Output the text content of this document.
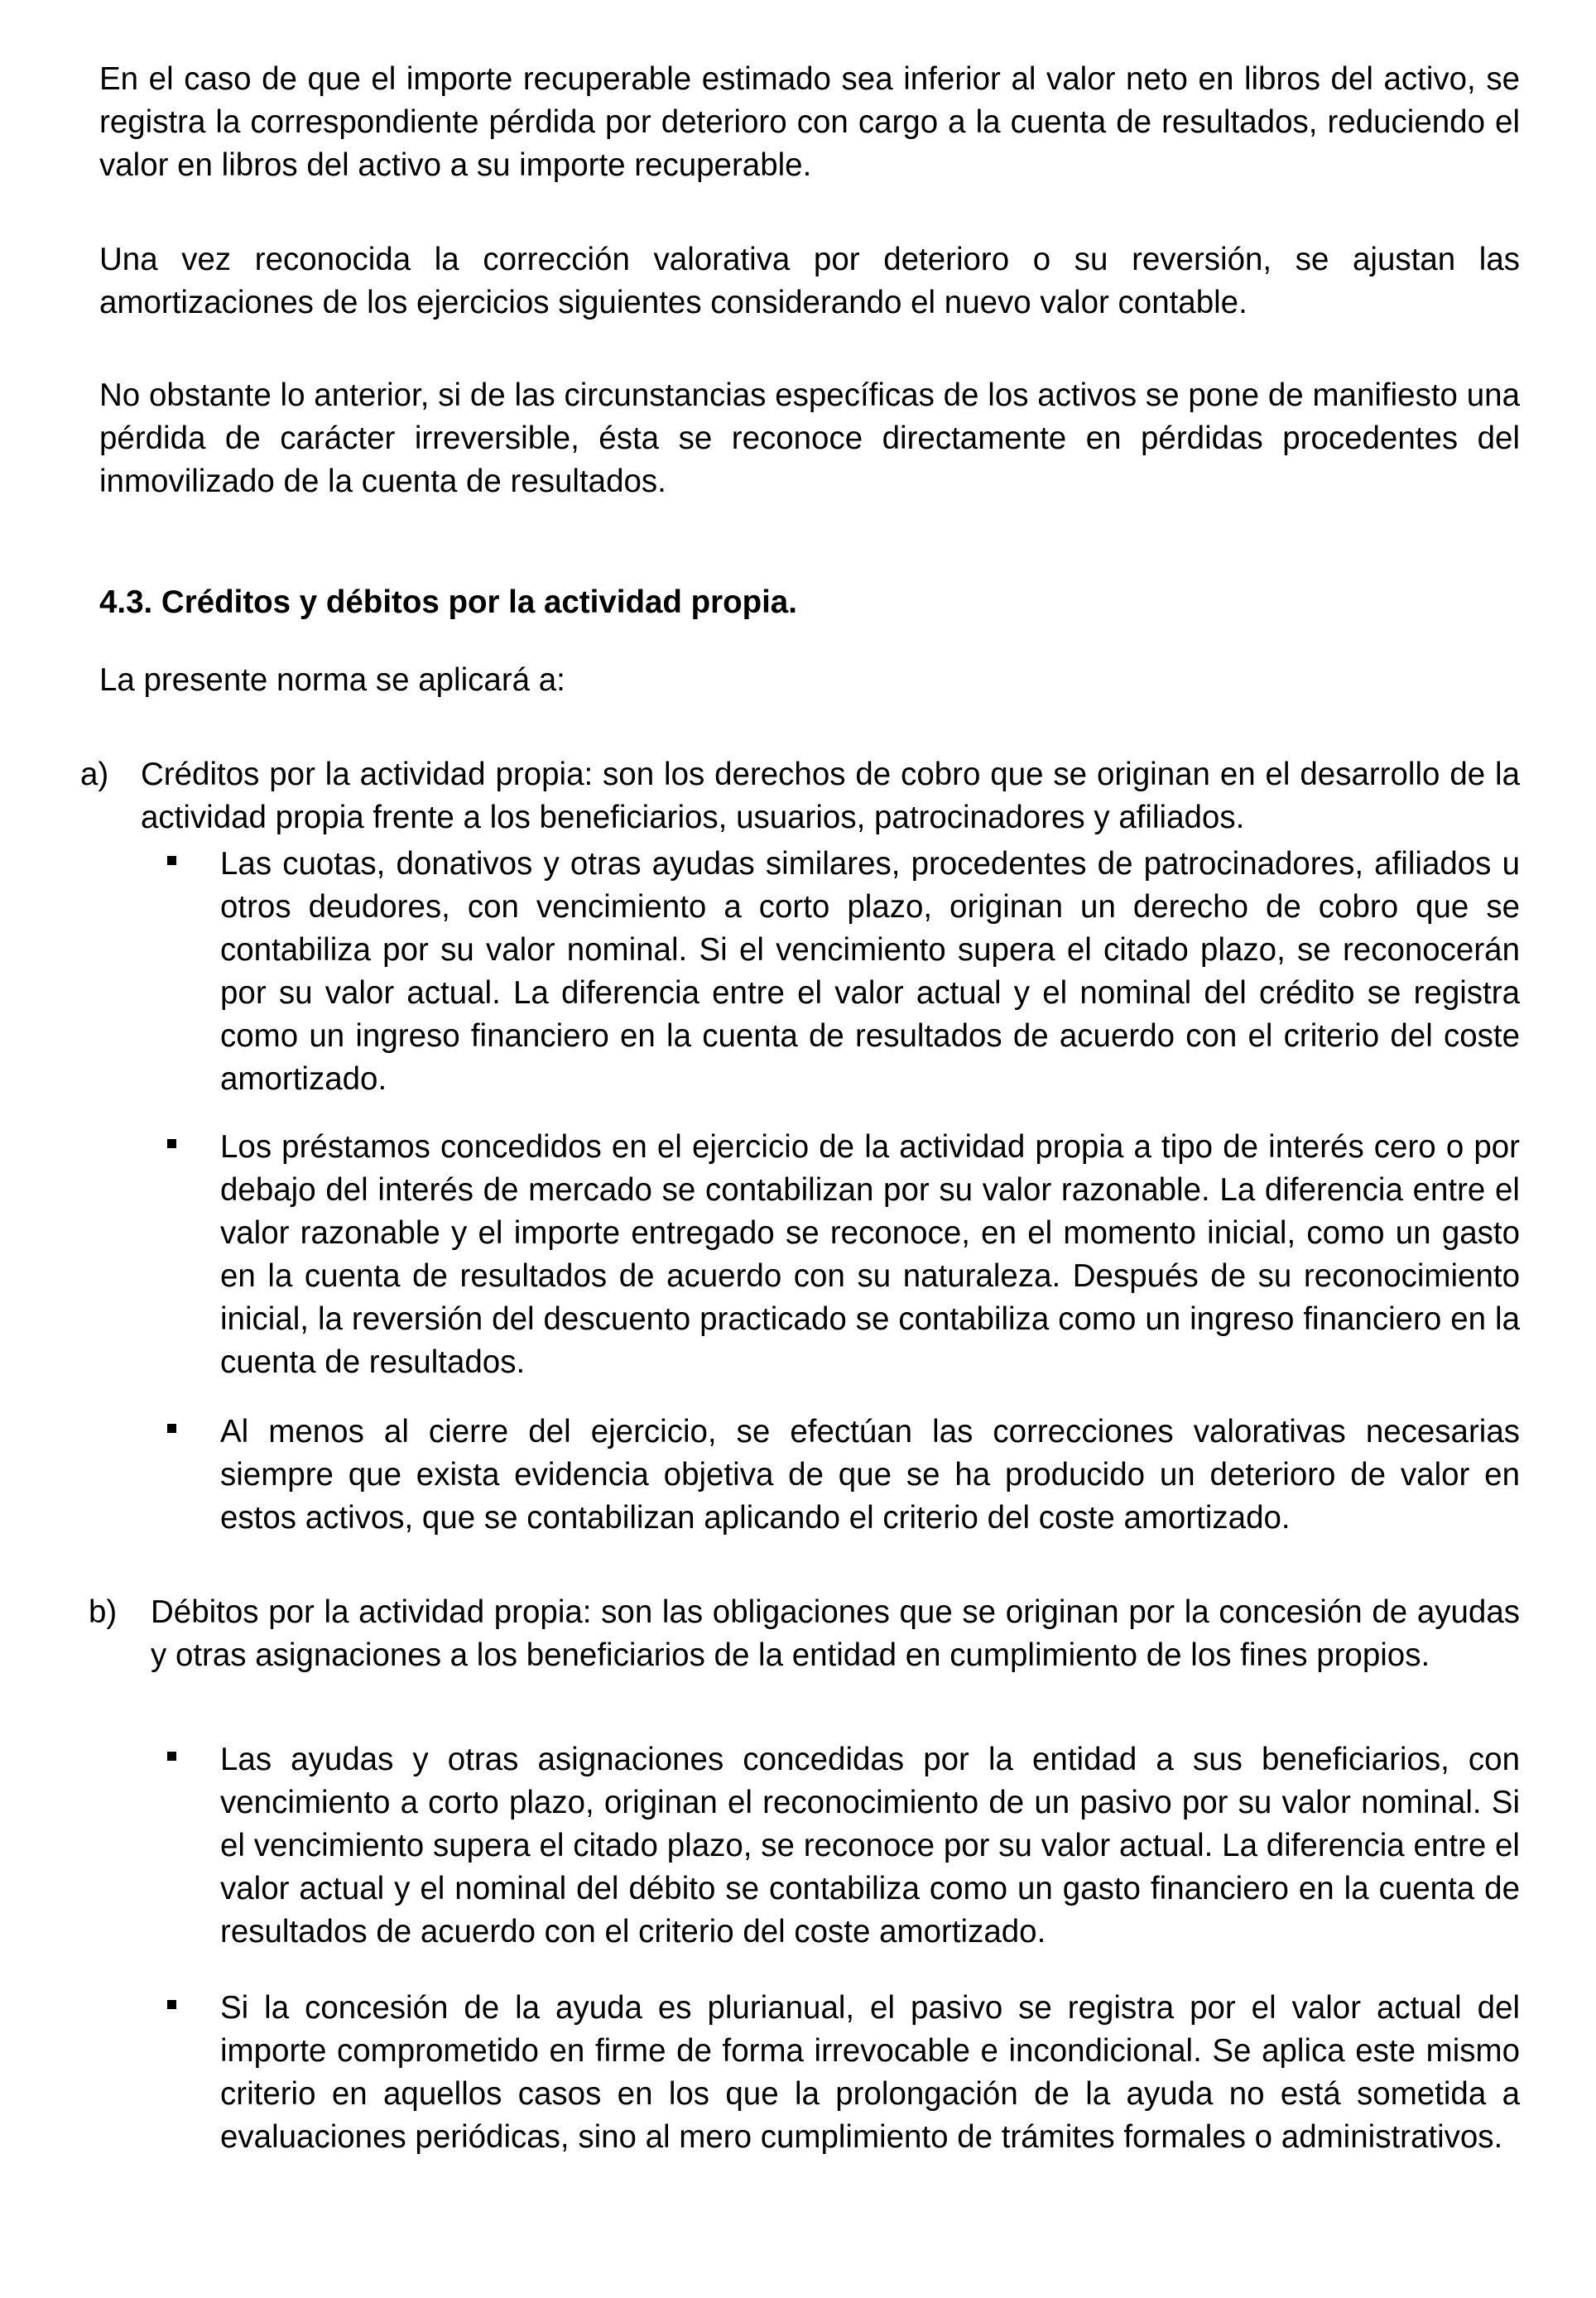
En el caso de que el importe recuperable estimado sea inferior al valor neto en libros del activo, se registra la correspondiente pérdida por deterioro con cargo a la cuenta de resultados, reduciendo el valor en libros del activo a su importe recuperable.

Una vez reconocida la corrección valorativa por deterioro o su reversión, se ajustan las amortizaciones de los ejercicios siguientes considerando el nuevo valor contable.

No obstante lo anterior, si de las circunstancias específicas de los activos se pone de manifiesto una pérdida de carácter irreversible, ésta se reconoce directamente en pérdidas procedentes del inmovilizado de la cuenta de resultados.

4.3. Créditos y débitos por la actividad propia.

La presente norma se aplicará a:

a) Créditos por la actividad propia: son los derechos de cobro que se originan en el desarrollo de la actividad propia frente a los beneficiarios, usuarios, patrocinadores y afiliados.

Las cuotas, donativos y otras ayudas similares, procedentes de patrocinadores, afiliados u otros deudores, con vencimiento a corto plazo, originan un derecho de cobro que se contabiliza por su valor nominal. Si el vencimiento supera el citado plazo, se reconocerán por su valor actual. La diferencia entre el valor actual y el nominal del crédito se registra como un ingreso financiero en la cuenta de resultados de acuerdo con el criterio del coste amortizado.

Los préstamos concedidos en el ejercicio de la actividad propia a tipo de interés cero o por debajo del interés de mercado se contabilizan por su valor razonable. La diferencia entre el valor razonable y el importe entregado se reconoce, en el momento inicial, como un gasto en la cuenta de resultados de acuerdo con su naturaleza. Después de su reconocimiento inicial, la reversión del descuento practicado se contabiliza como un ingreso financiero en la cuenta de resultados.

Al menos al cierre del ejercicio, se efectúan las correcciones valorativas necesarias siempre que exista evidencia objetiva de que se ha producido un deterioro de valor en estos activos, que se contabilizan aplicando el criterio del coste amortizado.

b) Débitos por la actividad propia: son las obligaciones que se originan por la concesión de ayudas y otras asignaciones a los beneficiarios de la entidad en cumplimiento de los fines propios.

Las ayudas y otras asignaciones concedidas por la entidad a sus beneficiarios, con vencimiento a corto plazo, originan el reconocimiento de un pasivo por su valor nominal. Si el vencimiento supera el citado plazo, se reconoce por su valor actual. La diferencia entre el valor actual y el nominal del débito se contabiliza como un gasto financiero en la cuenta de resultados de acuerdo con el criterio del coste amortizado.

Si la concesión de la ayuda es plurianual, el pasivo se registra por el valor actual del importe comprometido en firme de forma irrevocable e incondicional. Se aplica este mismo criterio en aquellos casos en los que la prolongación de la ayuda no está sometida a evaluaciones periódicas, sino al mero cumplimiento de trámites formales o administrativos.
